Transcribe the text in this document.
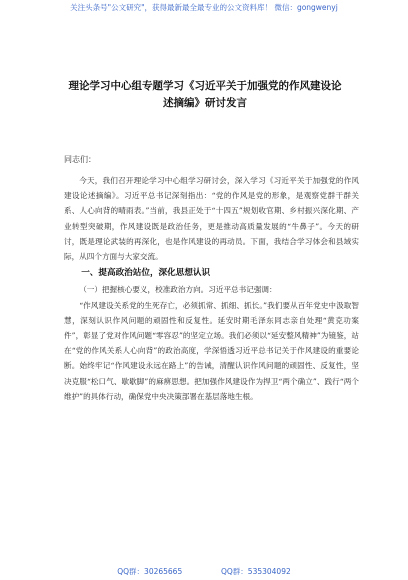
关注头条号"公文研究"，获得最新最全最专业的公文资料库！ 微信：gongwenyj
理论学习中心组专题学习《习近平关于加强党的作风建设论
述摘编》研讨发言
同志们：

今天，我们召开理论学习中心组学习研讨会，深入学习《习近平关于加强党的作风建设论述摘编》。习近平总书记深刻指出：“党的作风是党的形象，是观察党群干群关系、人心向背的晴雨表。”当前，我县正处于“十四五”规划收官期、乡村振兴深化期、产业转型突破期，作风建设既是政治任务，更是推动高质量发展的“牛鼻子”。今天的研讨，既是理论武装的再深化，也是作风建设的再动员。下面，我结合学习体会和县域实际，从四个方面与大家交流。

一、提高政治站位，深化思想认识

（一）把握核心要义，校准政治方向。习近平总书记强调：

“作风建设关系党的生死存亡，必须抓常、抓细、抓长。”我们要从百年党史中汲取智慧，深刻认识作风问题的顽固性和反复性。延安时期毛泽东同志亲自处理“黄克功案件”，彰显了党对作风问题“零容忍”的坚定立场。我们必须以“延安整风精神”为镜鉴，站在“党的作风关系人心向背”的政治高度，学深悟透习近平总书记关于作风建设的重要论断。始终牢记“作风建设永远在路上”的告诫，清醒认识作风问题的顽固性、反复性，坚决克服“松口气、歇歇脚”的麻痹思想。把加强作风建设作为捍卫“两个确立”、践行“两个维护”的具体行动，确保党中央决策部署在基层落地生根。

QQ群：30265665	QQ群：535304092
